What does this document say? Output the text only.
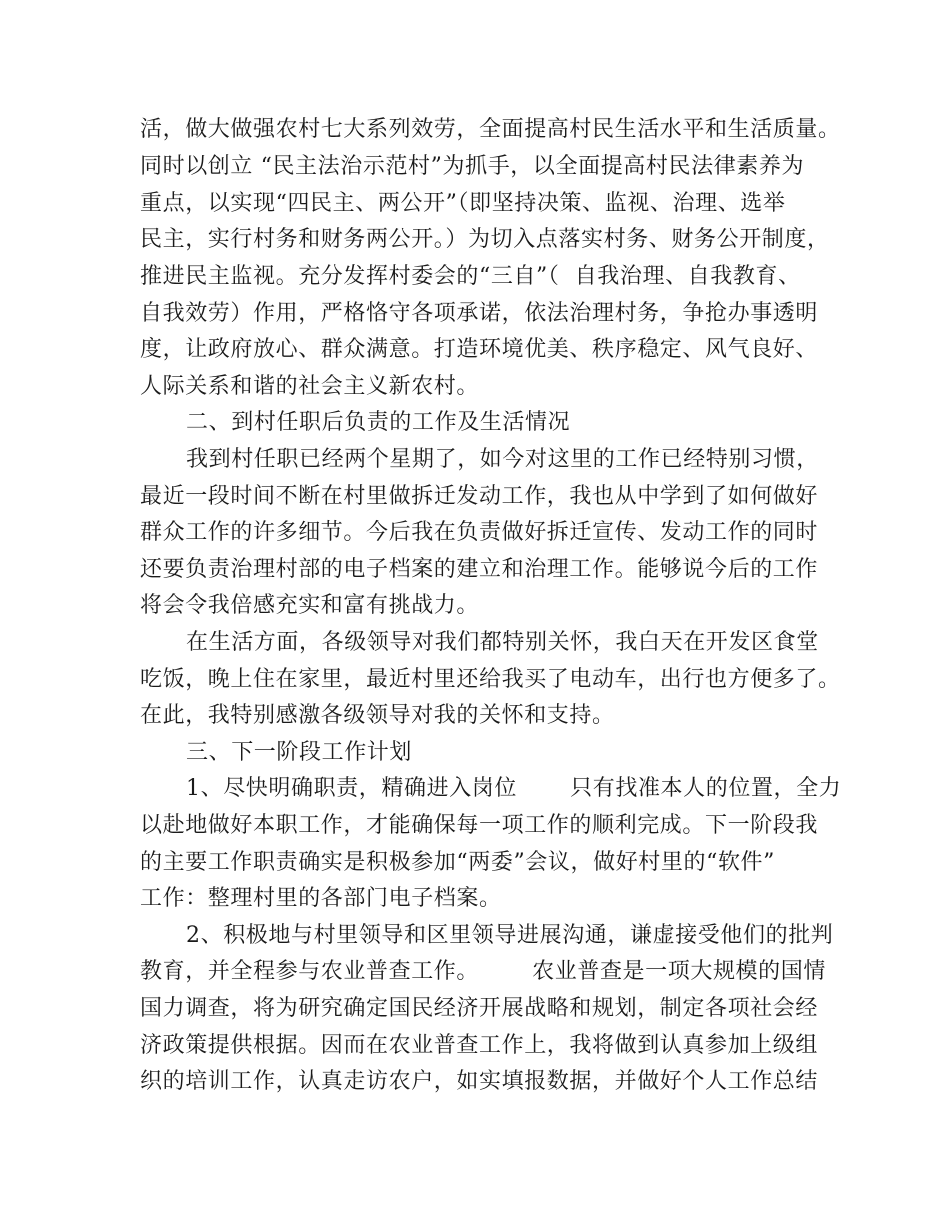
活，做大做强农村七大系列效劳，全面提高村民生活水平和生活质量。
同时以创立 “民主法治示范村”为抓手，以全面提高村民法律素养为
重点，以实现“四民主、两公开”（即坚持决策、监视、治理、选举
民主，实行村务和财务两公开。）为切入点落实村务、财务公开制度，
推进民主监视。充分发挥村委会的“三自”（  自我治理、自我教育、
自我效劳）作用，严格恪守各项承诺，依法治理村务，争抢办事透明
度，让政府放心、群众满意。打造环境优美、秩序稳定、风气良好、
人际关系和谐的社会主义新农村。
二、到村任职后负责的工作及生活情况
我到村任职已经两个星期了，如今对这里的工作已经特别习惯，
最近一段时间不断在村里做拆迁发动工作，我也从中学到了如何做好
群众工作的许多细节。今后我在负责做好拆迁宣传、发动工作的同时
还要负责治理村部的电子档案的建立和治理工作。能够说今后的工作
将会令我倍感充实和富有挑战力。
在生活方面，各级领导对我们都特别关怀，我白天在开发区食堂
吃饭，晚上住在家里，最近村里还给我买了电动车，出行也方便多了。
在此，我特别感激各级领导对我的关怀和支持。
三、下一阶段工作计划
1、尽快明确职责，精确进入岗位       只有找准本人的位置，全力
以赴地做好本职工作，才能确保每一项工作的顺利完成。下一阶段我
的主要工作职责确实是积极参加“两委”会议，做好村里的“软件”
工作：整理村里的各部门电子档案。
2、积极地与村里领导和区里领导进展沟通，谦虚接受他们的批判
教育，并全程参与农业普查工作。       农业普查是一项大规模的国情
国力调查，将为研究确定国民经济开展战略和规划，制定各项社会经
济政策提供根据。因而在农业普查工作上，我将做到认真参加上级组
织的培训工作，认真走访农户，如实填报数据，并做好个人工作总结
